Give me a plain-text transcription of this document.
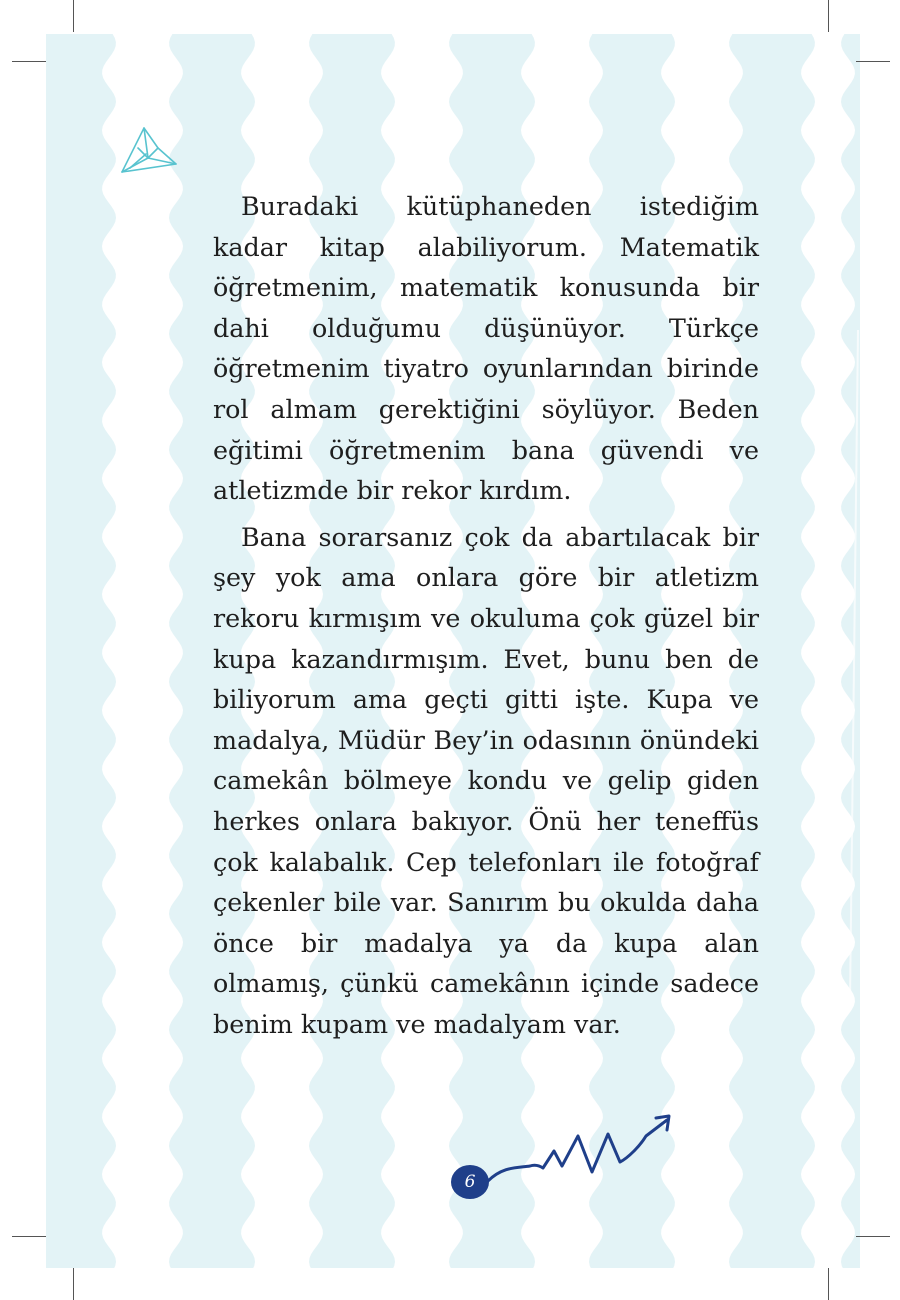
Buradaki kütüphaneden istediğim kadar kitap alabiliyorum. Matematik öğretmenim, matematik konusunda bir dahi olduğumu düşünüyor. Türkçe öğretmenim tiyatro oyunlarından birinde rol almam gerektiğini söylüyor. Beden eğitimi öğretmenim bana güvendi ve atletizmde bir rekor kırdım.

Bana sorarsanız çok da abartılacak bir şey yok ama onlara göre bir atletizm rekoru kırmışım ve okuluma çok güzel bir kupa kazandırmışım. Evet, bunu ben de biliyorum ama geçti gitti işte. Kupa ve madalya, Müdür Bey’in odasının önündeki camekân bölmeye kondu ve gelip giden herkes onlara bakıyor. Önü her teneffüs çok kalabalık. Cep telefonları ile fotoğraf çekenler bile var. Sanırım bu okulda daha önce bir madalya ya da kupa alan olmamış, çünkü camekânın içinde sadece benim kupam ve madalyam var.

6
